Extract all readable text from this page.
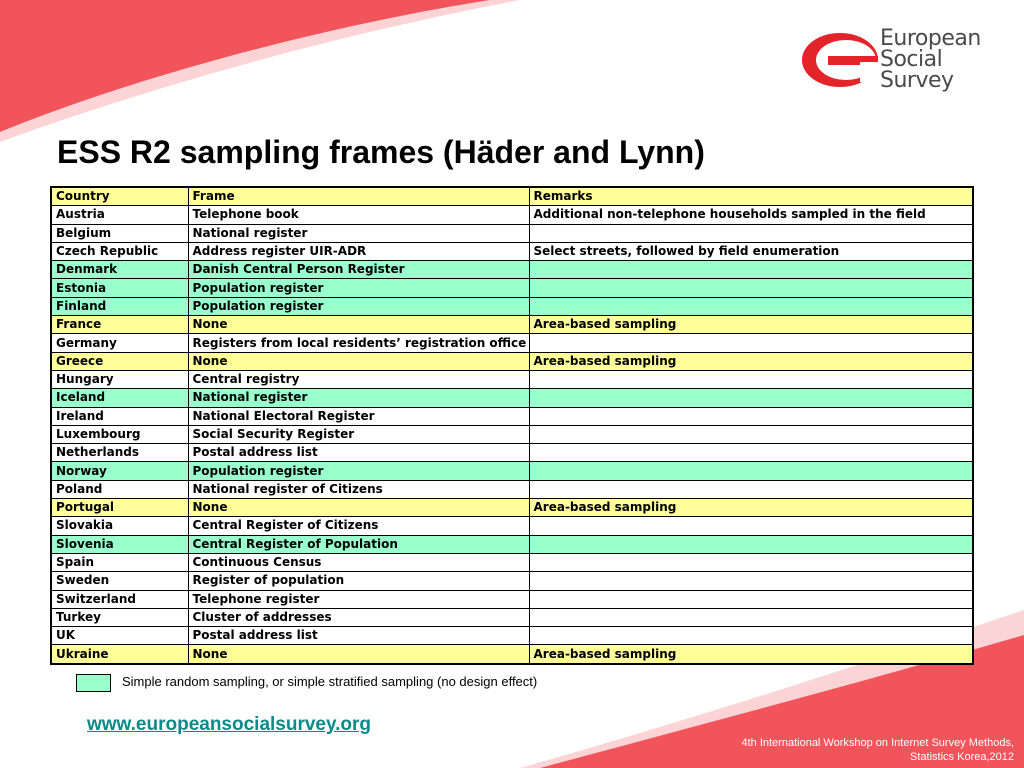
European
Social
Survey
ESS R2 sampling frames (Häder and Lynn)
Country	Frame	Remarks
Austria	Telephone book	Additional non-telephone households sampled in the field
Belgium	National register	
Czech Republic	Address register UIR-ADR	Select streets, followed by field enumeration
Denmark	Danish Central Person Register	
Estonia	Population register	
Finland	Population register	
France	None	Area-based sampling
Germany	Registers from local residents’ registration office	
Greece	None	Area-based sampling
Hungary	Central registry	
Iceland	National register	
Ireland	National Electoral Register	
Luxembourg	Social Security Register	
Netherlands	Postal address list	
Norway	Population register	
Poland	National register of Citizens	
Portugal	None	Area-based sampling
Slovakia	Central Register of Citizens	
Slovenia	Central Register of Population	
Spain	Continuous Census	
Sweden	Register of population	
Switzerland	Telephone register	
Turkey	Cluster of addresses	
UK	Postal address list	
Ukraine	None	Area-based sampling
Simple random sampling, or simple stratified sampling (no design effect)
www.europeansocialsurvey.org
4th International Workshop on Internet Survey Methods,
Statistics Korea,2012
